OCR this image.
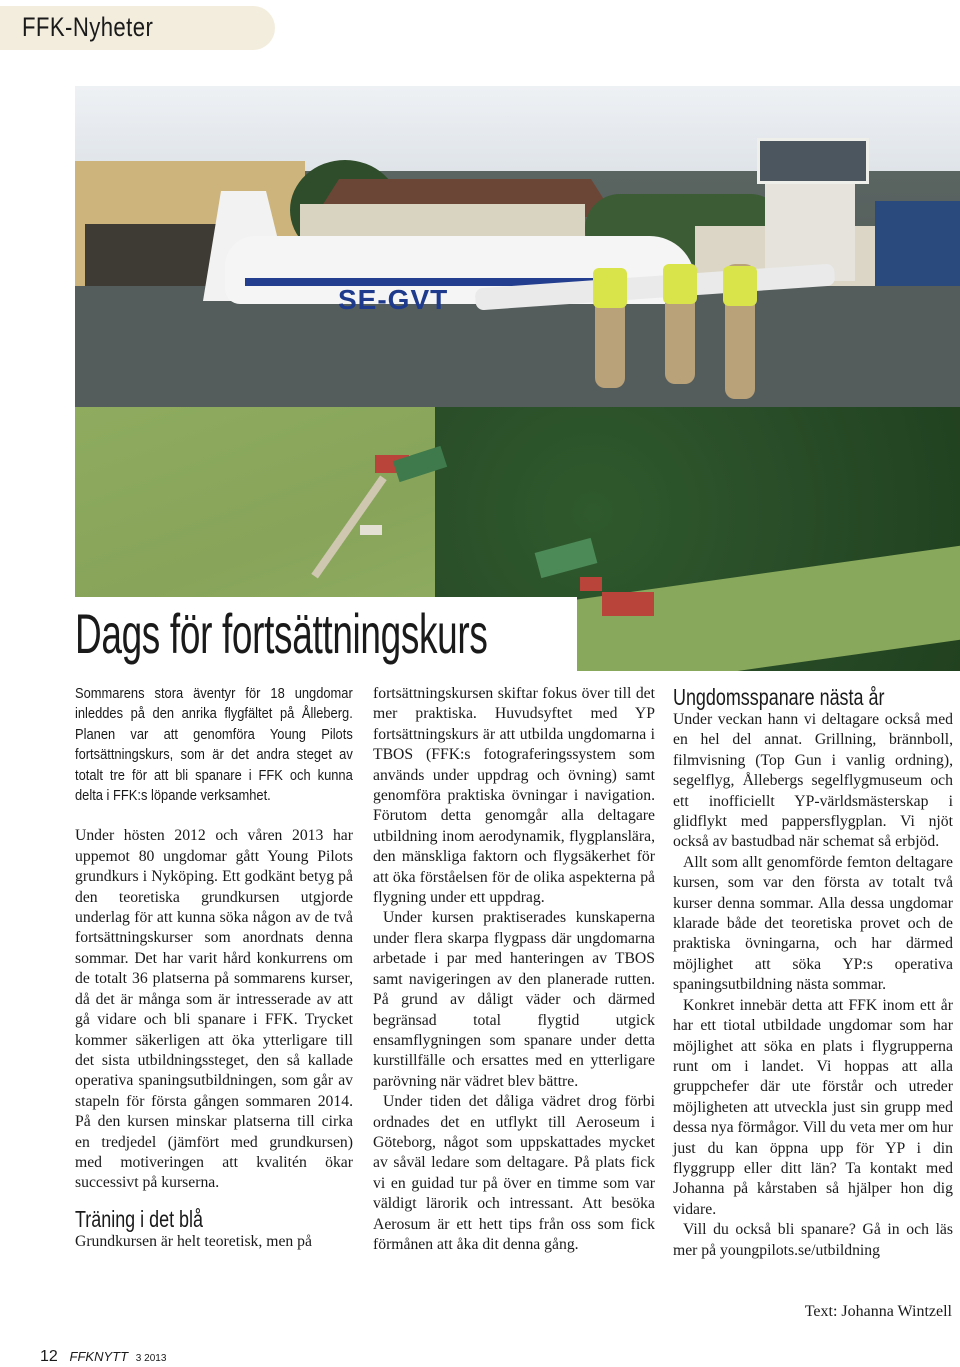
FFK-Nyheter
SE-GVT
Dags för fortsättningskurs

Sommarens stora äventyr för 18 ungdomar inleddes på den anrika flygfältet på Ålleberg. Planen var att genomföra Young Pilots fortsättningskurs, som är det andra steget av totalt tre för att bli spanare i FFK och kunna delta i FFK:s löpande verksamhet.

Under hösten 2012 och våren 2013 har uppemot 80 ungdomar gått Young Pilots grundkurs i Nyköping. Ett godkänt betyg på den teoretiska grundkursen utgjorde underlag för att kunna söka någon av de två fortsättningskurser som anordnats denna sommar. Det har varit hård konkurrens om de totalt 36 platserna på sommarens kurser, då det är många som är intresserade av att gå vidare och bli spanare i FFK. Trycket kommer säkerligen att öka ytterligare till det sista utbildningssteget, den så kallade operativa spaningsutbildningen, som går av stapeln för första gången sommaren 2014. På den kursen minskar platserna till cirka en tredjedel (jämfört med grundkursen) med motiveringen att kvalitén ökar successivt på kurserna.

Träning i det blå

Grundkursen är helt teoretisk, men på

fortsättningskursen skiftar fokus över till det mer praktiska. Huvudsyftet med YP fortsättningskurs är att utbilda ungdomarna i TBOS (FFK:s fotograferingssystem som används under uppdrag och övning) samt genomföra praktiska övningar i navigation. Förutom detta genomgår alla deltagare utbildning inom aerodynamik, flygplanslära, den mänskliga faktorn och flygsäkerhet för att öka förståelsen för de olika aspekterna på flygning under ett uppdrag.

Under kursen praktiserades kunskaperna under flera skarpa flygpass där ungdomarna arbetade i par med hanteringen av TBOS samt navigeringen av den planerade rutten. På grund av dåligt väder och därmed begränsad total flygtid utgick ensamflygningen som spanare under detta kurstillfälle och ersattes med en ytterligare parövning när vädret blev bättre.

Under tiden det dåliga vädret drog förbi ordnades det en utflykt till Aeroseum i Göteborg, något som uppskattades mycket av såväl ledare som deltagare. På plats fick vi en guidad tur på över en timme som var väldigt lärorik och intressant. Att besöka Aerosum är ett hett tips från oss som fick förmånen att åka dit denna gång.

Ungdomsspanare nästa år

Under veckan hann vi deltagare också med en hel del annat. Grillning, brännboll, filmvisning (Top Gun i vanlig ordning), segelflyg, Ållebergs segelflygmuseum och ett inofficiellt YP-världsmästerskap i glidflykt med pappersflygplan. Vi njöt också av bastudbad när schemat så erbjöd.

Allt som allt genomförde femton deltagare kursen, som var den första av totalt två kurser denna sommar. Alla dessa ungdomar klarade både det teoretiska provet och de praktiska övningarna, och har därmed möjlighet att söka YP:s operativa spaningsutbildning nästa sommar.

Konkret innebär detta att FFK inom ett år har ett tiotal utbildade ungdomar som har möjlighet att söka en plats i flygrupperna runt om i landet. Vi hoppas att alla gruppchefer där ute förstår och utreder möjligheten att utveckla just sin grupp med dessa nya förmågor. Vill du veta mer om hur just du kan öppna upp för YP i din flyggrupp eller ditt län? Ta kontakt med Johanna på kårstaben så hjälper hon dig vidare.

Vill du också bli spanare? Gå in och läs mer på youngpilots.se/utbildning

Text: Johanna Wintzell
12 FFKNYTT 3 2013
